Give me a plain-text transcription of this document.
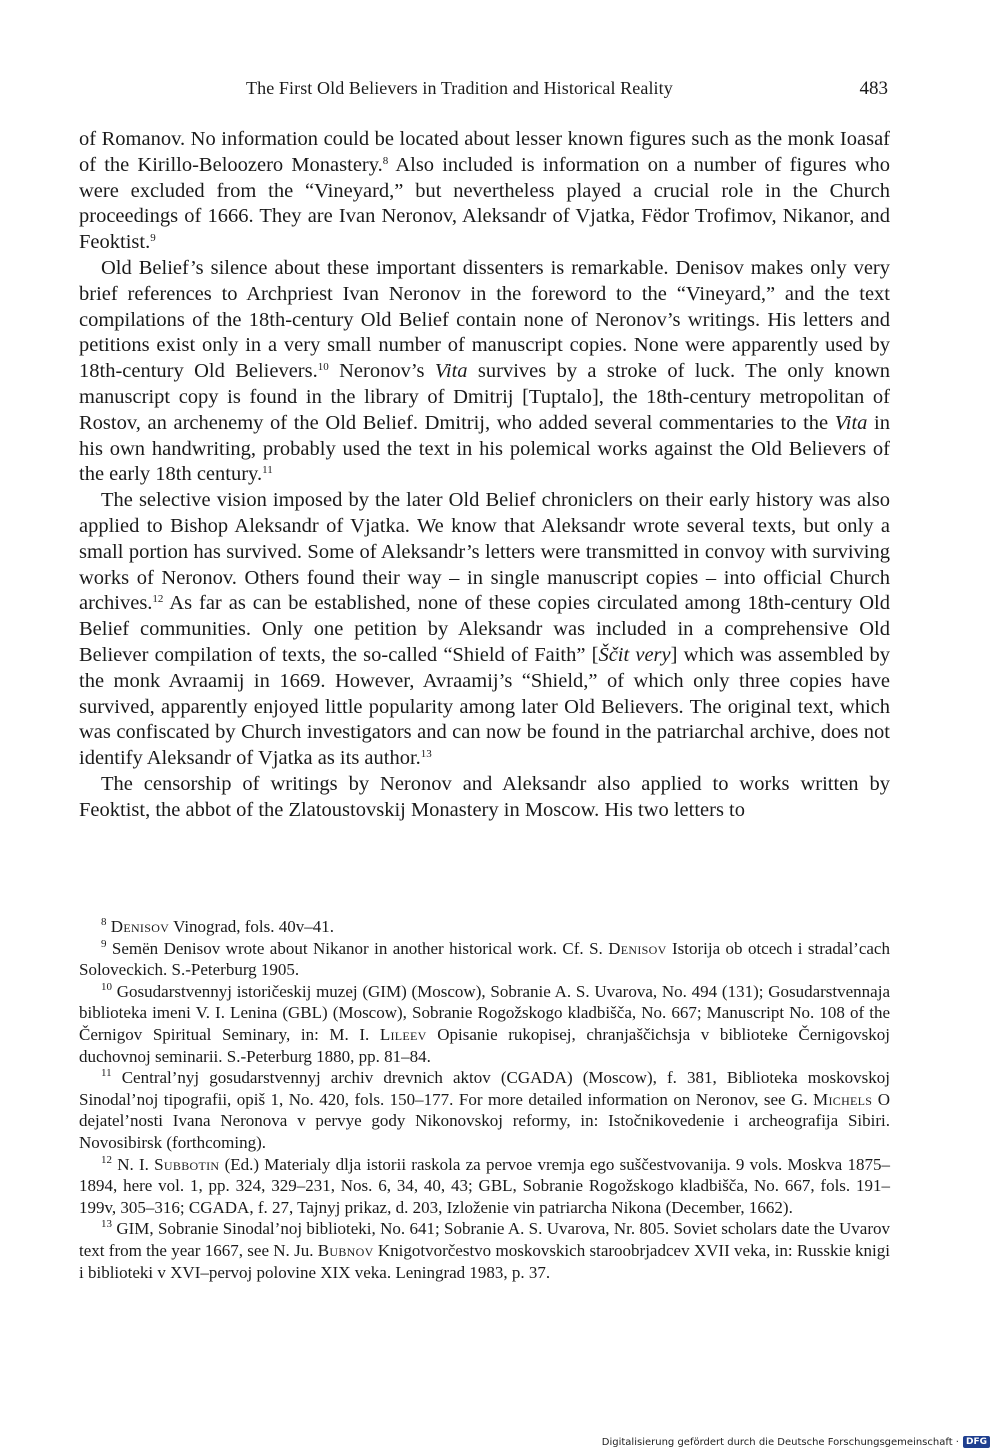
The First Old Believers in Tradition and Historical Reality	483

of Romanov. No information could be located about lesser known figures such as the monk Ioasaf of the Kirillo-Beloozero Monastery.$^8$ Also included is information on a number of figures who were excluded from the “Vineyard,” but nevertheless played a crucial role in the Church proceedings of 1666. They are Ivan Neronov, Aleksandr of Vjatka, Fëdor Trofimov, Nikanor, and Feoktist.$^9$

Old Belief’s silence about these important dissenters is remarkable. Denisov makes only very brief references to Archpriest Ivan Neronov in the foreword to the “Vineyard,” and the text compilations of the 18th-century Old Belief contain none of Neronov’s writings. His letters and petitions exist only in a very small number of manuscript copies. None were apparently used by 18th-century Old Believers.$^{10}$ Neronov’s Vita survives by a stroke of luck. The only known manuscript copy is found in the library of Dmitrij [Tuptalo], the 18th-century metropolitan of Rostov, an archenemy of the Old Belief. Dmitrij, who added several commentaries to the Vita in his own handwriting, probably used the text in his polemical works against the Old Believers of the early 18th century.$^{11}$

The selective vision imposed by the later Old Belief chroniclers on their early history was also applied to Bishop Aleksandr of Vjatka. We know that Aleksandr wrote several texts, but only a small portion has survived. Some of Aleksandr’s letters were transmitted in convoy with surviving works of Neronov. Others found their way – in single manuscript copies – into official Church archives.$^{12}$ As far as can be established, none of these copies circulated among 18th-century Old Belief communities. Only one petition by Aleksandr was included in a comprehensive Old Believer compilation of texts, the so-called “Shield of Faith” [Ščit very] which was assembled by the monk Avraamij in 1669. However, Avraamij’s “Shield,” of which only three copies have survived, apparently enjoyed little popularity among later Old Believers. The original text, which was confiscated by Church investigators and can now be found in the patriarchal archive, does not identify Aleksandr of Vjatka as its author.$^{13}$

The censorship of writings by Neronov and Aleksandr also applied to works written by Feoktist, the abbot of the Zlatoustovskij Monastery in Moscow. His two letters to

$^8$ Denisov Vinograd, fols. 40v–41.

$^9$ Semën Denisov wrote about Nikanor in another historical work. Cf. S. Denisov Istorija ob otcech i stradal’cach Soloveckich. S.-Peterburg 1905.

$^{10}$ Gosudarstvennyj istoričeskij muzej (GIM) (Moscow), Sobranie A. S. Uvarova, No. 494 (131); Gosudarstvennaja biblioteka imeni V. I. Lenina (GBL) (Moscow), Sobranie Rogožskogo kladbišča, No. 667; Manuscript No. 108 of the Černigov Spiritual Seminary, in: M. I. Lileev Opisanie rukopisej, chranjaščichsja v biblioteke Černigovskoj duchovnoj seminarii. S.-Peterburg 1880, pp. 81–84.

$^{11}$ Central’nyj gosudarstvennyj archiv drevnich aktov (CGADA) (Moscow), f. 381, Biblioteka moskovskoj Sinodal’noj tipografii, opiš 1, No. 420, fols. 150–177. For more detailed information on Neronov, see G. Michels O dejatel’nosti Ivana Neronova v pervye gody Nikonovskoj reformy, in: Istočnikovedenie i archeografija Sibiri. Novosibirsk (forthcoming).

$^{12}$ N. I. Subbotin (Ed.) Materialy dlja istorii raskola za pervoe vremja ego suščestvovanija. 9 vols. Moskva 1875–1894, here vol. 1, pp. 324, 329–231, Nos. 6, 34, 40, 43; GBL, Sobranie Rogožskogo kladbišča, No. 667, fols. 191–199v, 305–316; CGADA, f. 27, Tajnyj prikaz, d. 203, Izloženie vin patriarcha Nikona (December, 1662).

$^{13}$ GIM, Sobranie Sinodal’noj biblioteki, No. 641; Sobranie A. S. Uvarova, Nr. 805. Soviet scholars date the Uvarov text from the year 1667, see N. Ju. Bubnov Knigotvorčestvo moskovskich staroobrjadcev XVII veka, in: Russkie knigi i biblioteki v XVI–pervoj polovine XIX veka. Leningrad 1983, p. 37.

Digitalisierung gefördert durch die Deutsche Forschungsgemeinschaft · DFG
